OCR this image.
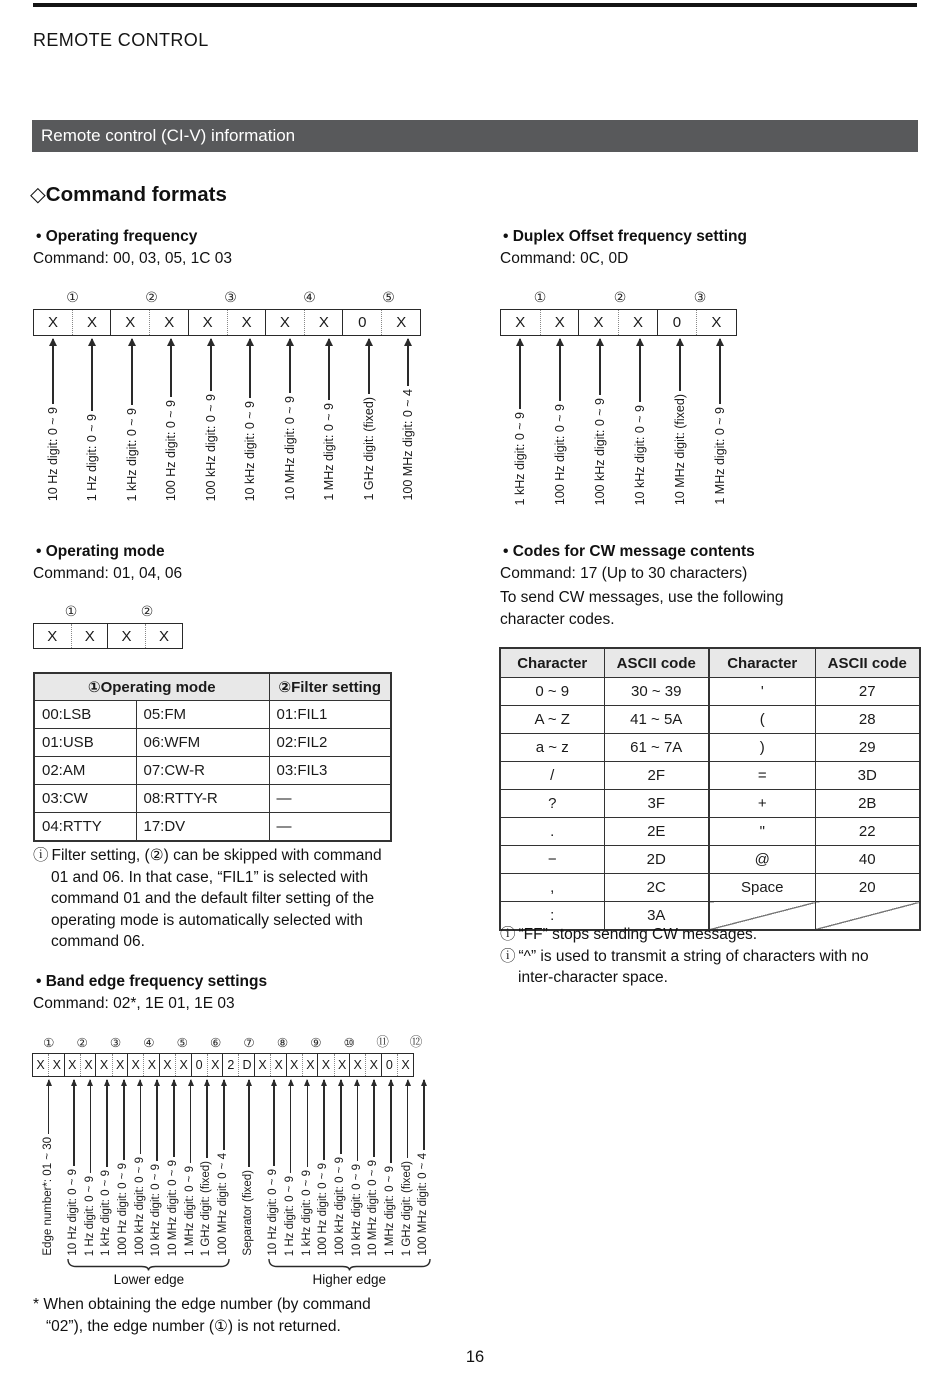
REMOTE CONTROL
Remote control (CI-V) information
◇Command formats
• Operating frequency
Command: 00, 03, 05, 1C 03
①	②	③	④	⑤
X	X	X	X	X	X	X	X	0	X
10 Hz digit: 0 ~ 9 1 Hz digit: 0 ~ 9 1 kHz digit: 0 ~ 9 100 Hz digit: 0 ~ 9 100 kHz digit: 0 ~ 9 10 kHz digit: 0 ~ 9 10 MHz digit: 0 ~ 9 1 MHz digit: 0 ~ 9 1 GHz digit: (fixed) 100 MHz digit: 0 ~ 4
• Operating mode
Command: 01, 04, 06
①	②
X	X	X	X
①Operating mode		②Filter setting
00:LSB	05:FM	01:FIL1
01:USB	06:WFM	02:FIL2
02:AM	07:CW-R	03:FIL3
03:CW	08:RTTY-R	—
04:RTTY	17:DV	—
ⓘ Filter setting, (②) can be skipped with command
01 and 06. In that case, “FIL1” is selected with
command 01 and the default filter setting of the
operating mode is automatically selected with
command 06.
• Band edge frequency settings
Command: 02*, 1E 01, 1E 03
①	②	③	④	⑤	⑥	⑦	⑧	⑨	⑩	⑪	⑫
X X X X X X X X X X 0 X 2 D X X X X X X X X 0 X
Edge number*: 01 ~ 30 10 Hz digit: 0 ~ 9 1 Hz digit: 0 ~ 9 1 kHz digit: 0 ~ 9 100 Hz digit: 0 ~ 9 100 kHz digit: 0 ~ 9 10 kHz digit: 0 ~ 9 10 MHz digit: 0 ~ 9 1 MHz digit: 0 ~ 9 1 GHz digit: (fixed) 100 MHz digit: 0 ~ 4 Separator (fixed) 10 Hz digit: 0 ~ 9 1 Hz digit: 0 ~ 9 1 kHz digit: 0 ~ 9 100 Hz digit: 0 ~ 9 100 kHz digit: 0 ~ 9 10 kHz digit: 0 ~ 9 10 MHz digit: 0 ~ 9 1 MHz digit: 0 ~ 9 1 GHz digit: (fixed) 100 MHz digit: 0 ~ 4
Lower edge	Higher edge
* When obtaining the edge number (by command
“02”), the edge number (①) is not returned.
• Duplex Offset frequency setting
Command: 0C, 0D
①	②	③
X	X	X	X	0	X
1 kHz digit: 0 ~ 9 100 Hz digit: 0 ~ 9 100 kHz digit: 0 ~ 9 10 kHz digit: 0 ~ 9 10 MHz digit: (fixed) 1 MHz digit: 0 ~ 9
• Codes for CW message contents
Command: 17 (Up to 30 characters)
To send CW messages, use the following
character codes.
Character	ASCII code	Character	ASCII code
0 ~ 9	30 ~ 39	'	27
A ~ Z	41 ~ 5A	(	28
a ~ z	61 ~ 7A	)	29
/	2F	=	3D
?	3F	+	2B
.	2E	"	22
−	2D	@	40
,	2C	Space	20
:	3A		
ⓘ “FF” stops sending CW messages.
ⓘ “^” is used to transmit a string of characters with no
inter-character space.
16
